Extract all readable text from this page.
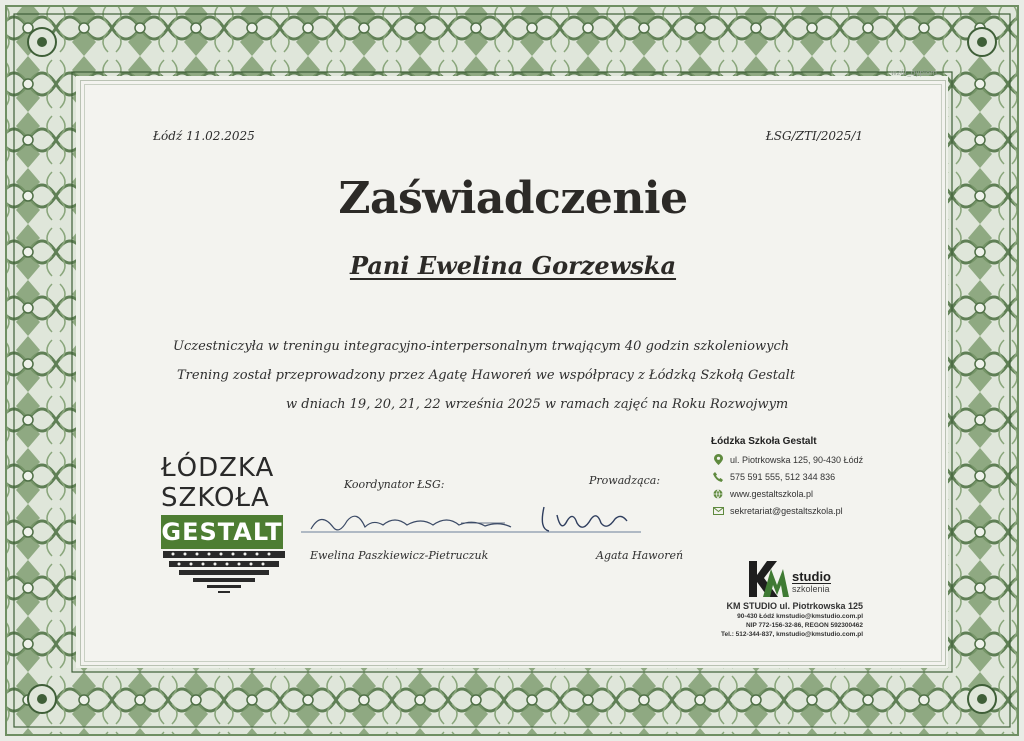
wzór_dyplom
Łódź 11.02.2025	ŁSG/ZTI/2025/1
Zaświadczenie
Pani Ewelina Gorzewska
Uczestniczyła w treningu integracyjno-interpersonalnym trwającym 40 godzin szkoleniowych
Trening został przeprowadzony przez Agatę Haworeń we współpracy z Łódzką Szkołą Gestalt
w dniach 19, 20, 21, 22 września 2025 w ramach zajęć na Roku Rozwojwym
ŁÓDZKA
SZKOŁA
GESTALT
Koordynator ŁSG:	Prowadząca:
Ewelina Paszkiewicz-Pietruczuk	Agata Haworeń
Łódzka Szkoła Gestalt
ul. Piotrkowska 125, 90-430 Łódź
575 591 555, 512 344 836
www.gestaltszkola.pl
sekretariat@gestaltszkola.pl
studio
szkolenia
KM STUDIO ul. Piotrkowska 125
90-430 Łódź kmstudio@kmstudio.com.pl
NIP 772-156-32-86, REGON 592300462
Tel.: 512-344-837, kmstudio@kmstudio.com.pl
